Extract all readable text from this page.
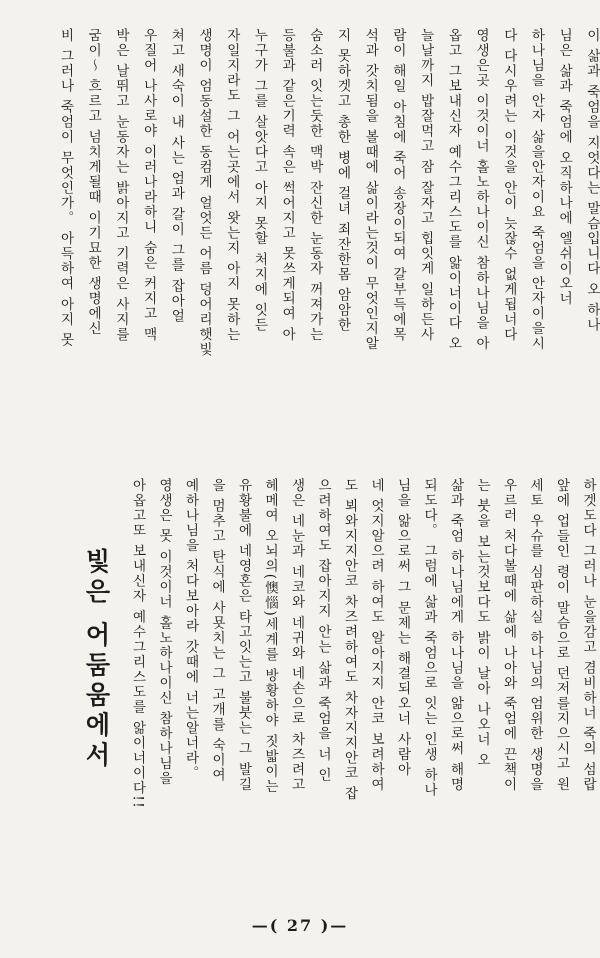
이 삶과 죽엄을 지엇다는 말슴입니다 오 하나
님은 삶과 죽엄에 오직하나에 엘쉬이오너
하나님을 안자 삶을안자이요 죽엄을 안자이을시
다 다시우려는 이것을 안이 늣잖수 없게됩너다
영생은곳 이것이너 홀노하나이신 참하나님을 아
옵고 그보내신자 예수그리스도를 앎이너이다 오
늘날까지 밥잘먹고 잠 잘자고 힙잇게 일하든사
람이 해일 아침에 죽어 송장이되여 갈부득에목
석과 갓치됨을 볼때에 삶이라는것이 무엇인지알
지 못하겟고 총한 병에 걸녀 죄잔한몸 암암한
숨소러 잇는둣한 맥박 잔신한 눈동자 꺼져가는
등불과 같은기력 속은 썩어지고 못쓰게되여 아
누구가 그를 살앗다고 아지 못할 처지에 잇든
자일지라도 그 어는곳에서 왓는지 아지 못하는
생명이 엄동설한 동컴게 얼엇든 어름 덩어리햇빛
쳐고 새숙이 내 사는 엄과 갈이 그를 잡아얼
우질어 나사로야 이러나라하니 숨은 커지고 맥
박은 날뛰고 눈동자는 밝아지고 기력은 사지를
굼이〜 흐르고 넘치게될때 이기묘한 생명에신
비 그러나 죽엄이 무엇인가。 아득하여 아지 못
하겟도다 그러나 눈을감고 겸비하너 죽의 섬랍
앞에 업들인 령이 말슴으로 던저를지으시고 원
세토 우슈를 심판하실 하나님의 엄위한 생명을
우르러 처다볼때에 삶에 나아와 죽엄에 끈책이
는 붓을 보는것보다도 밝이 날아 나오너 오
삶과 죽엄 하나님에게 하나님을 앎으로써 해명
되도다。 그럼에 삶과 죽엄으로 잇는 인생 하나
님을 앎으로써 그 문제는 해결되오너 사람아
네 엇지알으려 하여도 알아지지 안코 보려하여
도 뵈와지지안코 차즈려하여도 차자지지안코 잡
으려하여도 잡아지지 안는 삶과 죽엄을 너 인
생은 네눈과 네코와 네귀와 네손으로 차즈려고
헤메여 오뇌의(懊惱)세계를 방황하야 짓밟이는
유황불에 네영혼은 타고잇는고 불붓는 그 발길
을 멈추고 탄식에 사묫치는 그 고개를 숙이여
예하나님을 처다보아라 갓때에 너는알너라。
영생은 못 이것이너 홀노하나이신 참하나님을
아옵고또 보내신자 예수그리스도를 앎이너이다!!
빛은 어둠움에서
—( 27 )—
